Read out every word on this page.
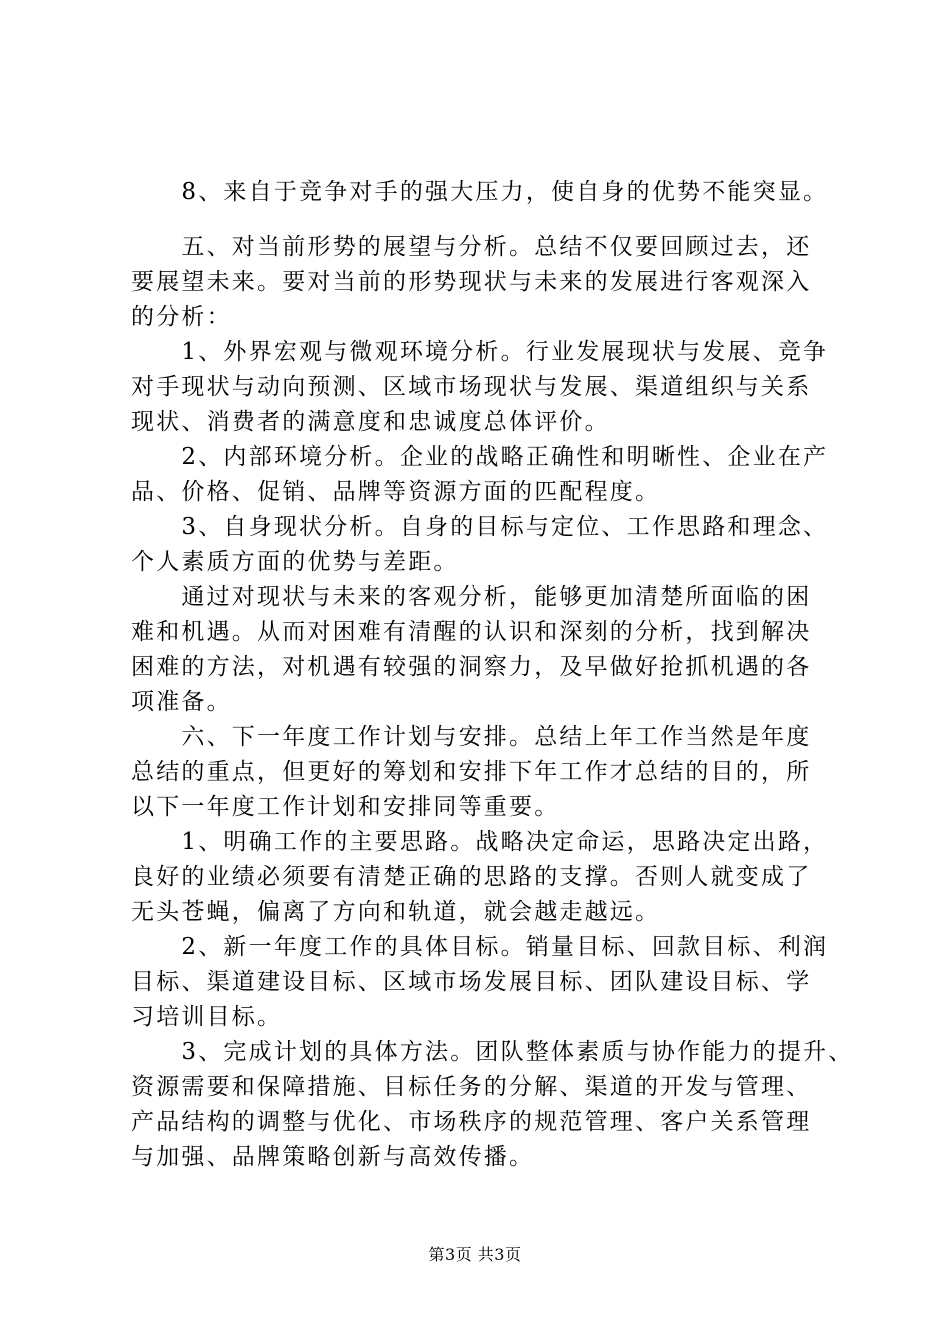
　　8、来自于竞争对手的强大压力，使自身的优势不能突显。
　　五、对当前形势的展望与分析。总结不仅要回顾过去，还
要展望未来。要对当前的形势现状与未来的发展进行客观深入
的分析：
　　1、外界宏观与微观环境分析。行业发展现状与发展、竞争
对手现状与动向预测、区域市场现状与发展、渠道组织与关系
现状、消费者的满意度和忠诚度总体评价。
　　2、内部环境分析。企业的战略正确性和明晰性、企业在产
品、价格、促销、品牌等资源方面的匹配程度。
　　3、自身现状分析。自身的目标与定位、工作思路和理念、
个人素质方面的优势与差距。
　　通过对现状与未来的客观分析，能够更加清楚所面临的困
难和机遇。从而对困难有清醒的认识和深刻的分析，找到解决
困难的方法，对机遇有较强的洞察力，及早做好抢抓机遇的各
项准备。
　　六、下一年度工作计划与安排。总结上年工作当然是年度
总结的重点，但更好的筹划和安排下年工作才总结的目的，所
以下一年度工作计划和安排同等重要。
　　1、明确工作的主要思路。战略决定命运，思路决定出路，
良好的业绩必须要有清楚正确的思路的支撑。否则人就变成了
无头苍蝇，偏离了方向和轨道，就会越走越远。
　　2、新一年度工作的具体目标。销量目标、回款目标、利润
目标、渠道建设目标、区域市场发展目标、团队建设目标、学
习培训目标。
　　3、完成计划的具体方法。团队整体素质与协作能力的提升、
资源需要和保障措施、目标任务的分解、渠道的开发与管理、
产品结构的调整与优化、市场秩序的规范管理、客户关系管理
与加强、品牌策略创新与高效传播。
第3页 共3页
